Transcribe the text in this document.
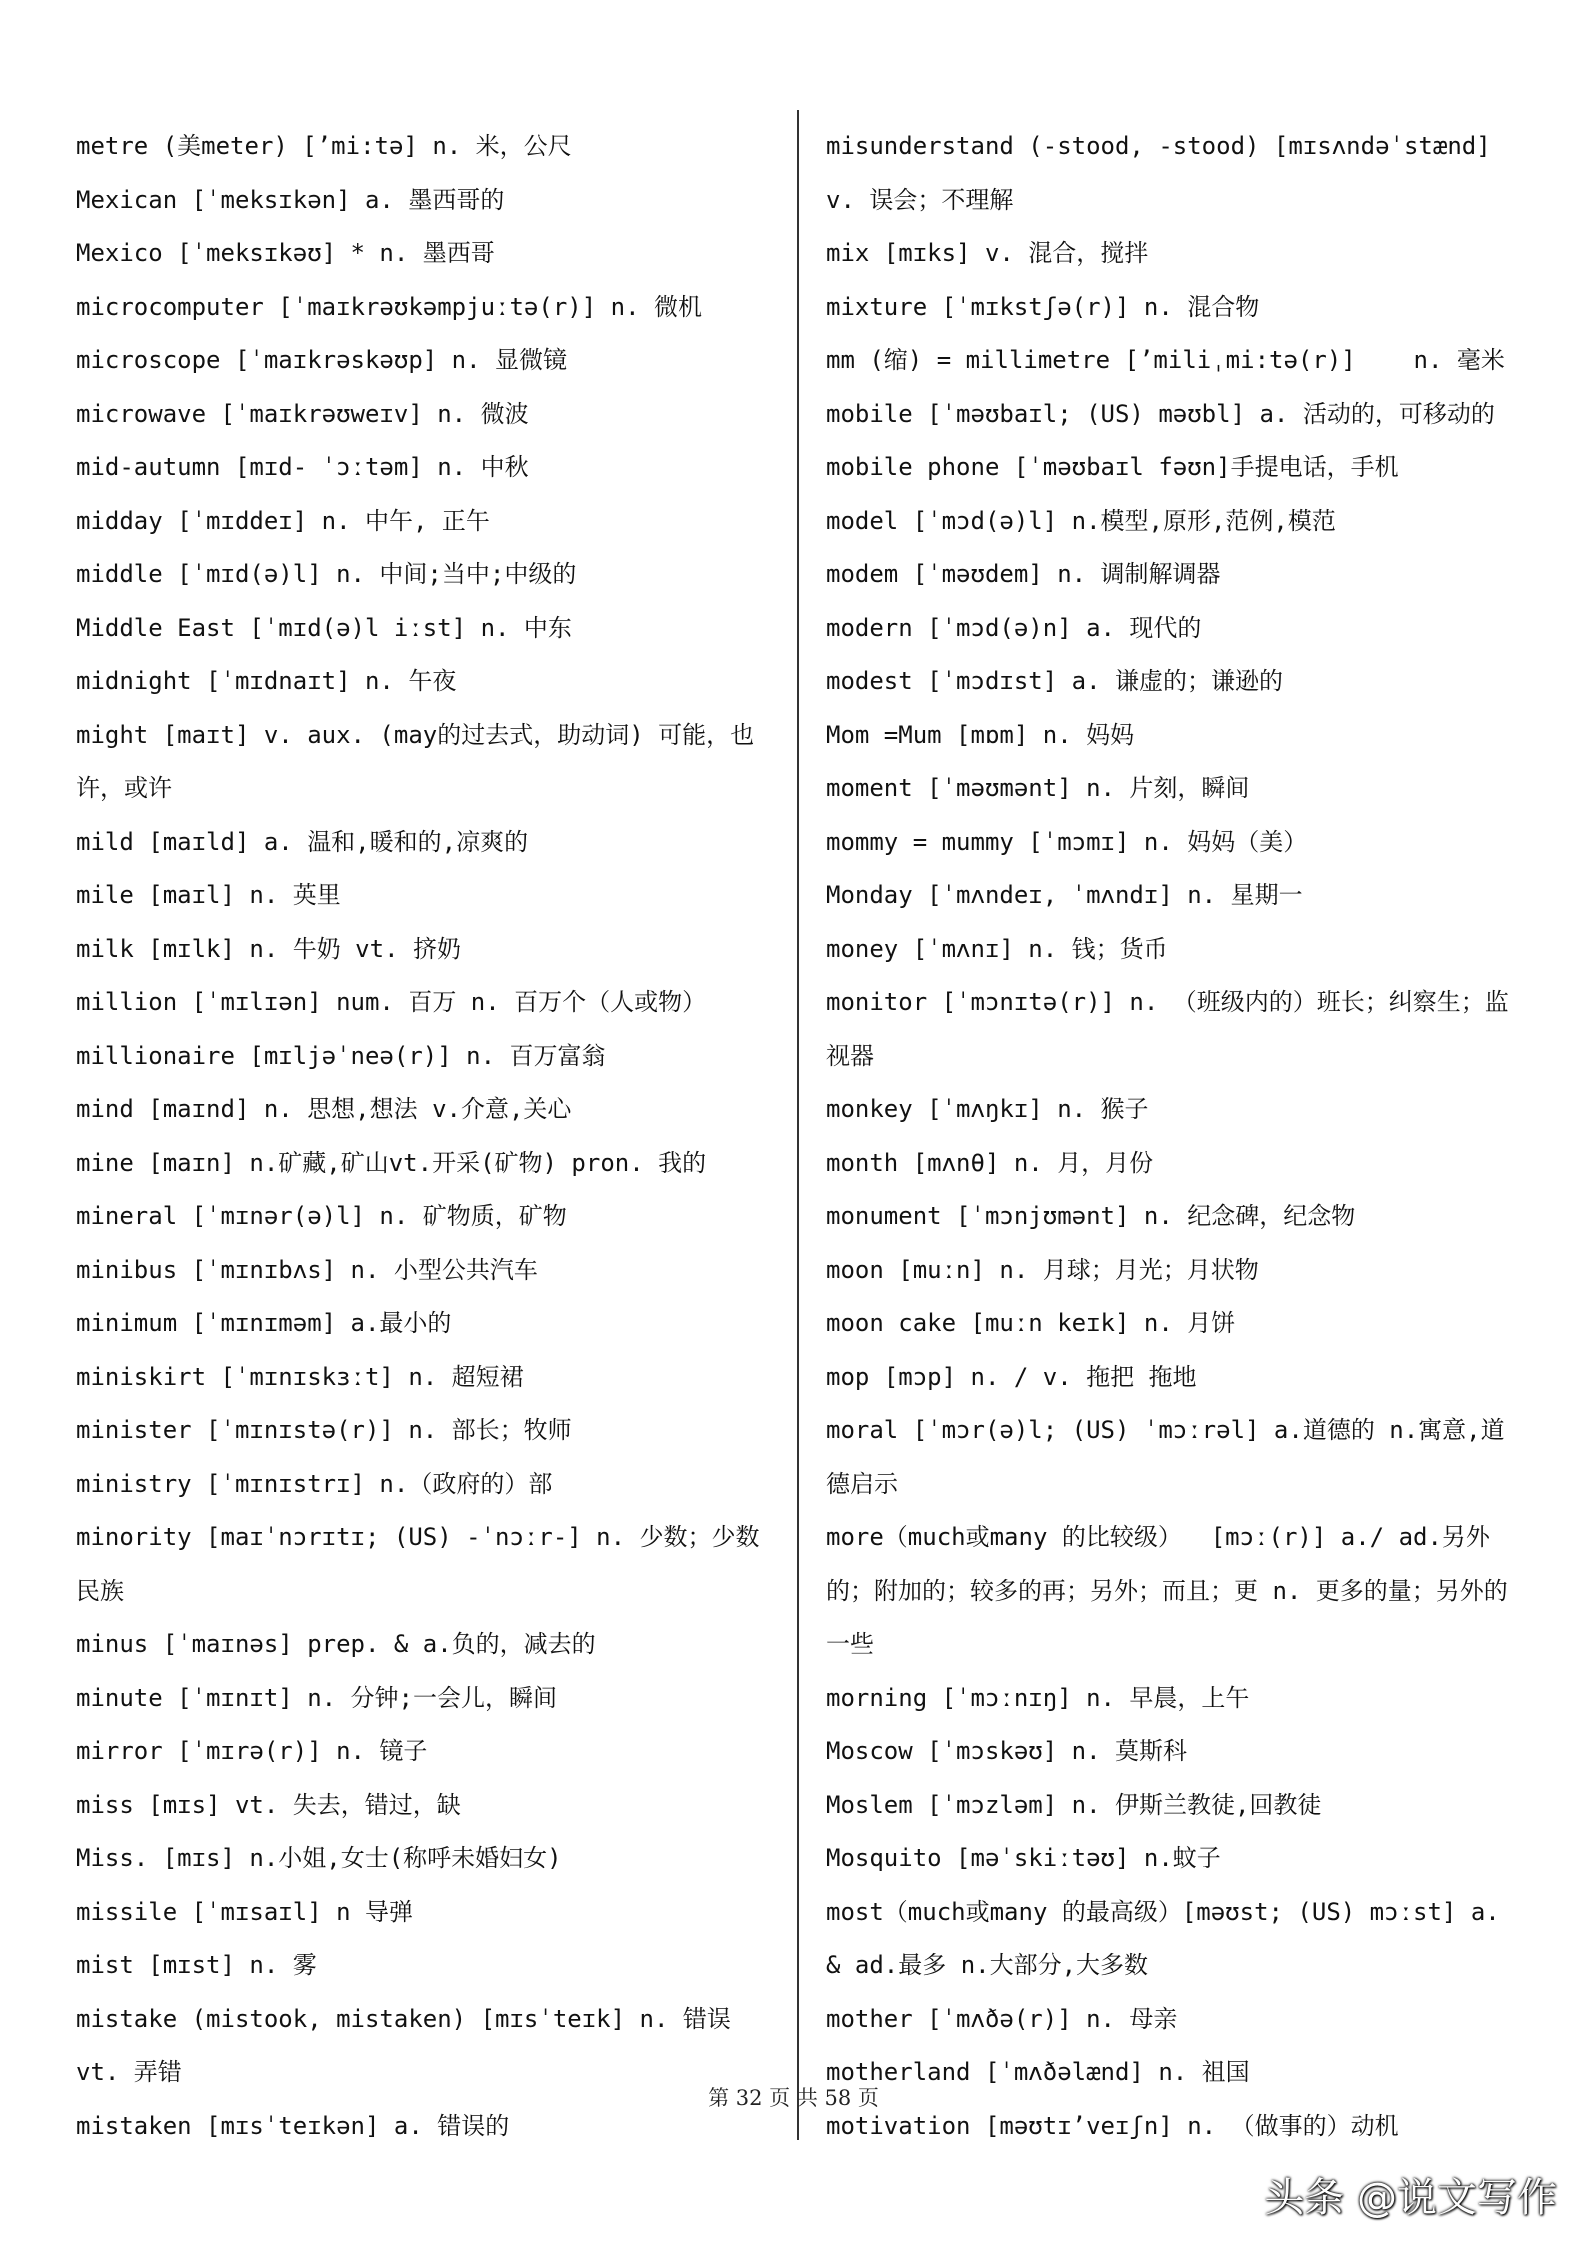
metre (美meter) [’mi:tə] n. 米，公尺
Mexican [ˈmeksɪkən] a. 墨西哥的
Mexico [ˈmeksɪkəʊ] * n. 墨西哥
microcomputer [ˈmaɪkrəʊkəmpjuːtə(r)] n. 微机
microscope [ˈmaɪkrəskəʊp] n. 显微镜
microwave [ˈmaɪkrəʊweɪv] n. 微波
mid-autumn [mɪd- ˈɔːtəm] n. 中秋
midday [ˈmɪddeɪ] n. 中午, 正午
middle [ˈmɪd(ə)l] n. 中间;当中;中级的
Middle East [ˈmɪd(ə)l iːst] n. 中东
midnight [ˈmɪdnaɪt] n. 午夜
might [maɪt] v. aux. (may的过去式，助动词) 可能，也许，或许
mild [maɪld] a. 温和,暖和的,凉爽的
mile [maɪl] n. 英里
milk [mɪlk] n. 牛奶 vt. 挤奶
million [ˈmɪlɪən] num. 百万 n. 百万个（人或物）
millionaire [mɪljəˈneə(r)] n. 百万富翁
mind [maɪnd] n. 思想,想法 v.介意,关心
mine [maɪn] n.矿藏,矿山vt.开采(矿物) pron. 我的
mineral [ˈmɪnər(ə)l] n. 矿物质，矿物
minibus [ˈmɪnɪbʌs] n. 小型公共汽车
minimum [ˈmɪnɪməm] a.最小的
miniskirt [ˈmɪnɪskɜːt] n. 超短裙
minister [ˈmɪnɪstə(r)] n. 部长；牧师
ministry [ˈmɪnɪstrɪ] n.（政府的）部
minority [maɪˈnɔrɪtɪ; (US) -ˈnɔːr-] n. 少数；少数民族
minus [ˈmaɪnəs] prep. & a.负的，减去的
minute [ˈmɪnɪt] n. 分钟;一会儿，瞬间
mirror [ˈmɪrə(r)] n. 镜子
miss [mɪs] vt. 失去，错过，缺
Miss. [mɪs] n.小姐,女士(称呼未婚妇女)
missile [ˈmɪsaɪl] n 导弹
mist [mɪst] n. 雾
mistake (mistook, mistaken) [mɪsˈteɪk] n. 错误 vt. 弄错
mistaken [mɪsˈteɪkən] a. 错误的
misunderstand (-stood, -stood) [mɪsʌndəˈstænd] v. 误会；不理解
mix [mɪks] v. 混合，搅拌
mixture [ˈmɪkstʃə(r)] n. 混合物
mm (缩) = millimetre [’miliˌmi:tə(r)]    n. 毫米
mobile [ˈməʊbaɪl; (US) məʊbl] a. 活动的，可移动的
mobile phone [ˈməʊbaɪl fəʊn]手提电话，手机
model [ˈmɔd(ə)l] n.模型,原形,范例,模范
modem [ˈməʊdem] n. 调制解调器
modern [ˈmɔd(ə)n] a. 现代的
modest [ˈmɔdɪst] a. 谦虚的；谦逊的
Mom =Mum [mɒm] n. 妈妈
moment [ˈməʊmənt] n. 片刻，瞬间
mommy = mummy [ˈmɔmɪ] n. 妈妈（美）
Monday [ˈmʌndeɪ, ˈmʌndɪ] n. 星期一
money [ˈmʌnɪ] n. 钱；货币
monitor [ˈmɔnɪtə(r)] n. （班级内的）班长；纠察生；监视器
monkey [ˈmʌŋkɪ] n. 猴子
month [mʌnθ] n. 月，月份
monument [ˈmɔnjʊmənt] n. 纪念碑，纪念物
moon [muːn] n. 月球；月光；月状物
moon cake [muːn keɪk] n. 月饼
mop [mɔp] n. / v. 拖把 拖地
moral [ˈmɔr(ə)l; (US) ˈmɔːrəl] a.道德的 n.寓意,道德启示
more（much或many 的比较级）  [mɔː(r)] a./ ad.另外的；附加的；较多的再；另外；而且；更 n. 更多的量；另外的一些
morning [ˈmɔːnɪŋ] n. 早晨，上午
Moscow [ˈmɔskəʊ] n. 莫斯科
Moslem [ˈmɔzləm] n. 伊斯兰教徒,回教徒
Mosquito [məˈskiːtəʊ] n.蚊子
most（much或many 的最高级）[məʊst; (US) mɔːst] a. & ad.最多 n.大部分,大多数
mother [ˈmʌðə(r)] n. 母亲
motherland [ˈmʌðəlænd] n. 祖国
motivation [məʊtɪ’veɪʃn] n. （做事的）动机
第 32 页 共 58 页
头条 @说文写作
